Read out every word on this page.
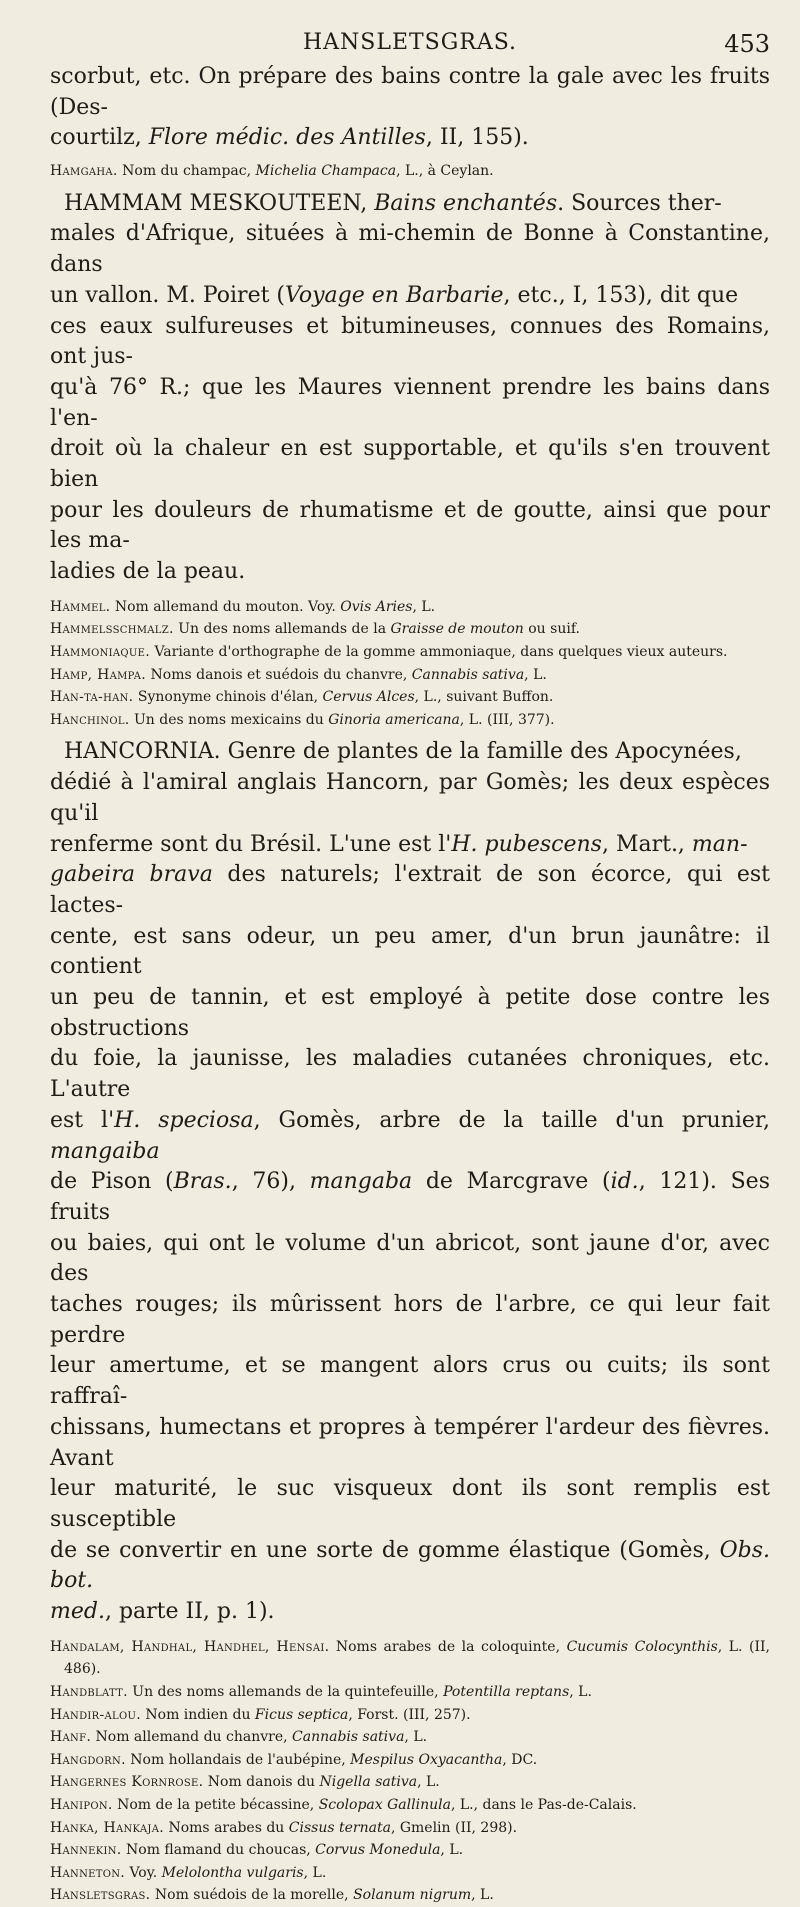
HANSLETSGRAS.	453

scorbut, etc. On prépare des bains contre la gale avec les fruits (Des-
courtilz, Flore médic. des Antilles, II, 155).

Hamgaha. Nom du champac, Michelia Champaca, L., à Ceylan.

HAMMAM MESKOUTEEN, Bains enchantés. Sources ther-
males d'Afrique, situées à mi-chemin de Bonne à Constantine, dans
un vallon. M. Poiret (Voyage en Barbarie, etc., I, 153), dit que
ces eaux sulfureuses et bitumineuses, connues des Romains, ont jus-
qu'à 76° R.; que les Maures viennent prendre les bains dans l'en-
droit où la chaleur en est supportable, et qu'ils s'en trouvent bien
pour les douleurs de rhumatisme et de goutte, ainsi que pour les ma-
ladies de la peau.

Hammel. Nom allemand du mouton. Voy. Ovis Aries, L.

Hammelsschmalz. Un des noms allemands de la Graisse de mouton ou suif.

Hammoniaque. Variante d'orthographe de la gomme ammoniaque, dans quelques vieux auteurs.

Hamp, Hampa. Noms danois et suédois du chanvre, Cannabis sativa, L.

Han-ta-han. Synonyme chinois d'élan, Cervus Alces, L., suivant Buffon.

Hanchinol. Un des noms mexicains du Ginoria americana, L. (III, 377).

HANCORNIA. Genre de plantes de la famille des Apocynées,
dédié à l'amiral anglais Hancorn, par Gomès; les deux espèces qu'il
renferme sont du Brésil. L'une est l'H. pubescens, Mart., man-
gabeira brava des naturels; l'extrait de son écorce, qui est lactes-
cente, est sans odeur, un peu amer, d'un brun jaunâtre: il contient
un peu de tannin, et est employé à petite dose contre les obstructions
du foie, la jaunisse, les maladies cutanées chroniques, etc. L'autre
est l'H. speciosa, Gomès, arbre de la taille d'un prunier, mangaiba
de Pison (Bras., 76), mangaba de Marcgrave (id., 121). Ses fruits
ou baies, qui ont le volume d'un abricot, sont jaune d'or, avec des
taches rouges; ils mûrissent hors de l'arbre, ce qui leur fait perdre
leur amertume, et se mangent alors crus ou cuits; ils sont raffraî-
chissans, humectans et propres à tempérer l'ardeur des fièvres. Avant
leur maturité, le suc visqueux dont ils sont remplis est susceptible
de se convertir en une sorte de gomme élastique (Gomès, Obs. bot.
med., parte II, p. 1).

Handalam, Handhal, Handhel, Hensai. Noms arabes de la coloquinte, Cucumis Colocynthis, L. (II, 486).

Handblatt. Un des noms allemands de la quintefeuille, Potentilla reptans, L.

Handir-alou. Nom indien du Ficus septica, Forst. (III, 257).

Hanf. Nom allemand du chanvre, Cannabis sativa, L.

Hangdorn. Nom hollandais de l'aubépine, Mespilus Oxyacantha, DC.

Hangernes Kornrose. Nom danois du Nigella sativa, L.

Hanipon. Nom de la petite bécassine, Scolopax Gallinula, L., dans le Pas-de-Calais.

Hanka, Hankaja. Noms arabes du Cissus ternata, Gmelin (II, 298).

Hannekin. Nom flamand du choucas, Corvus Monedula, L.

Hanneton. Voy. Melolontha vulgaris, L.

Hansletsgras. Nom suédois de la morelle, Solanum nigrum, L.
